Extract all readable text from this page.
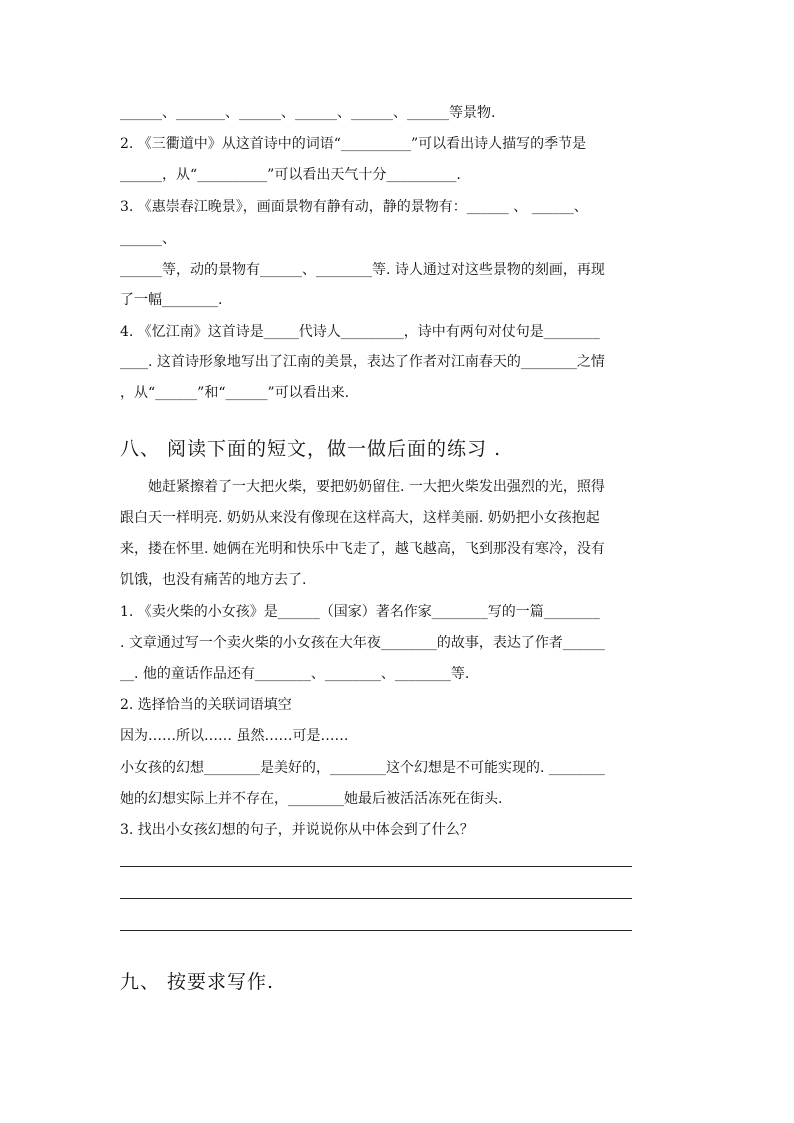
______、_______、______、______、______、______等景物.
2. 《三衢道中》从这首诗中的词语“__________”可以看出诗人描写的季节是
______，从“__________”可以看出天气十分__________.
3. 《惠崇春江晚景》，画面景物有静有动，静的景物有：______ 、 ______、
______、
______等，动的景物有______、________等. 诗人通过对这些景物的刻画，再现
了一幅________.
4. 《忆江南》这首诗是_____代诗人_________，诗中有两句对仗句是________
____. 这首诗形象地写出了江南的美景，表达了作者对江南春天的________之情
，从“______”和“______”可以看出来.
八、 阅读下面的短文，做一做后面的练习 .
　　她赶紧擦着了一大把火柴，要把奶奶留住. 一大把火柴发出强烈的光，照得
跟白天一样明亮. 奶奶从来没有像现在这样高大，这样美丽. 奶奶把小女孩抱起
来，搂在怀里. 她俩在光明和快乐中飞走了，越飞越高，飞到那没有寒冷，没有
饥饿，也没有痛苦的地方去了.
1. 《卖火柴的小女孩》是______（国家）著名作家________写的一篇________
. 文章通过写一个卖火柴的小女孩在大年夜________的故事，表达了作者______
__. 他的童话作品还有________、________、________等.
2. 选择恰当的关联词语填空
因为……所以…… 虽然……可是……
小女孩的幻想________是美好的，________这个幻想是不可能实现的. ________
她的幻想实际上并不存在，________她最后被活活冻死在街头.
3. 找出小女孩幻想的句子，并说说你从中体会到了什么？
九、 按要求写作.
